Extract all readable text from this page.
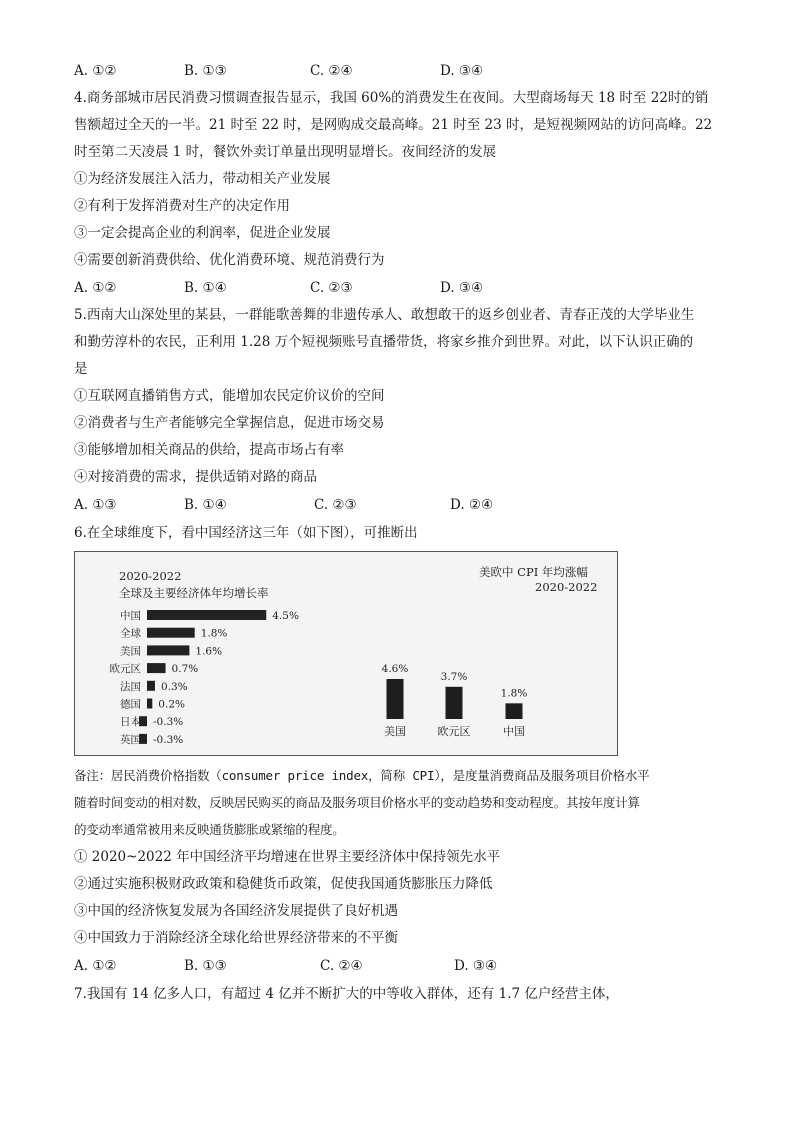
A. ①②	B. ①③	C. ②④	D. ③④
4.商务部城市居民消费习惯调查报告显示，我国 60%的消费发生在夜间。大型商场每天 18 时至 22时的销
售额超过全天的一半。21 时至 22 时，是网购成交最高峰。21 时至 23 时，是短视频网站的访问高峰。22
时至第二天凌晨 1 时，餐饮外卖订单量出现明显增长。夜间经济的发展
①为经济发展注入活力，带动相关产业发展
②有利于发挥消费对生产的决定作用
③一定会提高企业的利润率，促进企业发展
④需要创新消费供给、优化消费环境、规范消费行为
A. ①②	B. ①④	C. ②③	D. ③④
5.西南大山深处里的某县，一群能歌善舞的非遗传承人、敢想敢干的返乡创业者、青春正茂的大学毕业生
和勤劳淳朴的农民，正利用 1.28 万个短视频账号直播带货，将家乡推介到世界。对此，以下认识正确的
是
①互联网直播销售方式，能增加农民定价议价的空间
②消费者与生产者能够完全掌握信息，促进市场交易
③能够增加相关商品的供给，提高市场占有率
④对接消费的需求，提供适销对路的商品
A. ①③	B. ①④	C. ②③	D. ②④
6.在全球维度下，看中国经济这三年（如下图），可推断出
2020-2022
全球及主要经济体年均增长率
美欧中 CPI 年均涨幅
2020-2022
中国	4.5%
全球	1.8%
美国	1.6%
欧元区	0.7%
法国 0.3%
德国 0.2%
日本 -0.3%
英国 -0.3%
4.6%
美国
3.7%
欧元区
1.8%
中国
备注：居民消费价格指数（consumer price index，简称 CPI），是度量消费商品及服务项目价格水平
随着时间变动的相对数，反映居民购买的商品及服务项目价格水平的变动趋势和变动程度。其按年度计算
的变动率通常被用来反映通货膨胀或紧缩的程度。
① 2020~2022 年中国经济平均增速在世界主要经济体中保持领先水平
②通过实施积极财政政策和稳健货币政策，促使我国通货膨胀压力降低
③中国的经济恢复发展为各国经济发展提供了良好机遇
④中国致力于消除经济全球化给世界经济带来的不平衡
A. ①②	B. ①③	C. ②④	D. ③④
7.我国有 14 亿多人口，有超过 4 亿并不断扩大的中等收入群体，还有 1.7 亿户经营主体，
